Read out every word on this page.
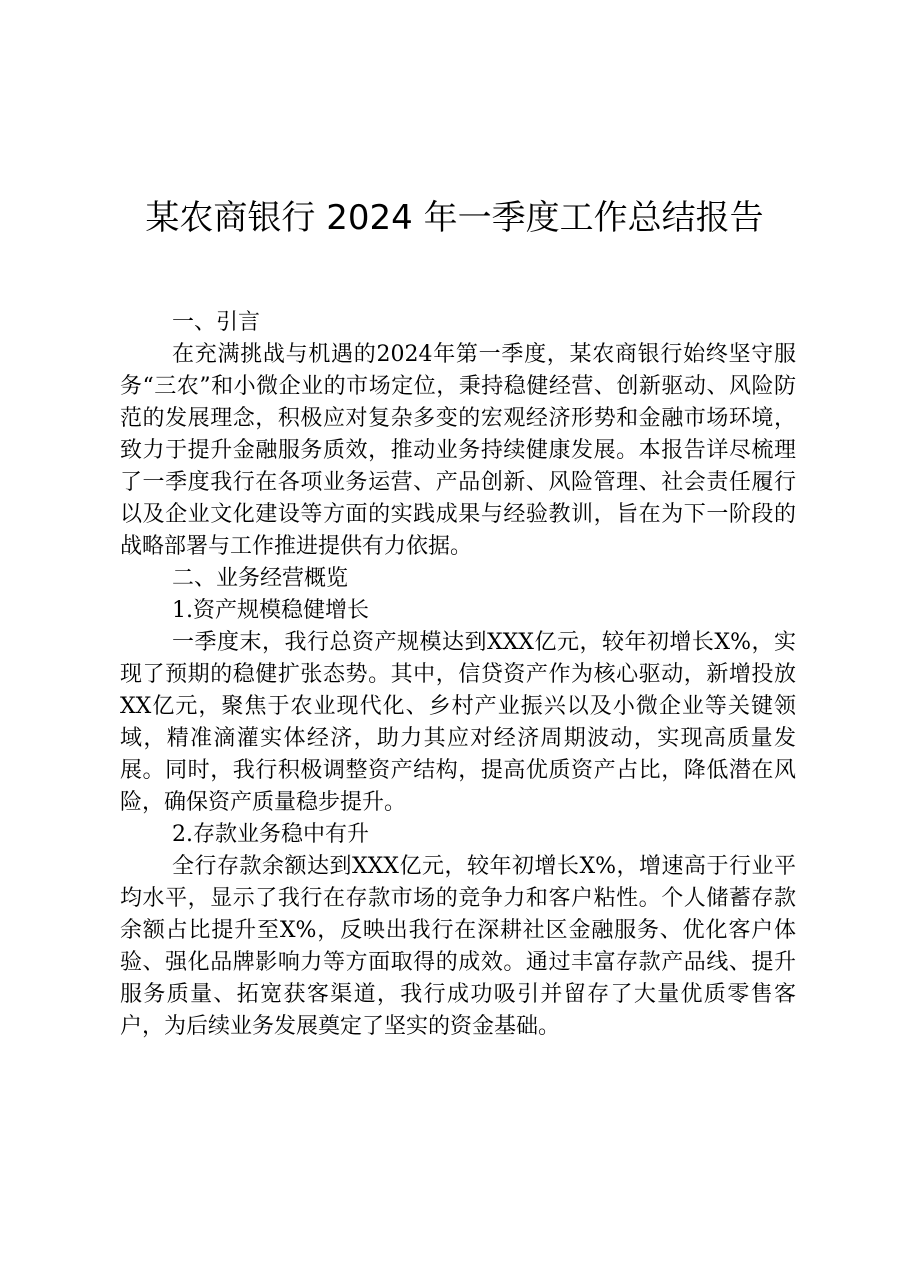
某农商银行 2024 年一季度工作总结报告

一、引言

在充满挑战与机遇的2024年第一季度，某农商银行始终坚守服务“三农”和小微企业的市场定位，秉持稳健经营、创新驱动、风险防范的发展理念，积极应对复杂多变的宏观经济形势和金融市场环境，致力于提升金融服务质效，推动业务持续健康发展。本报告详尽梳理了一季度我行在各项业务运营、产品创新、风险管理、社会责任履行以及企业文化建设等方面的实践成果与经验教训，旨在为下一阶段的战略部署与工作推进提供有力依据。

二、业务经营概览

1.资产规模稳健增长

一季度末，我行总资产规模达到XXX亿元，较年初增长X%，实现了预期的稳健扩张态势。其中，信贷资产作为核心驱动，新增投放XX亿元，聚焦于农业现代化、乡村产业振兴以及小微企业等关键领域，精准滴灌实体经济，助力其应对经济周期波动，实现高质量发展。同时，我行积极调整资产结构，提高优质资产占比，降低潜在风险，确保资产质量稳步提升。

2.存款业务稳中有升

全行存款余额达到XXX亿元，较年初增长X%，增速高于行业平均水平，显示了我行在存款市场的竞争力和客户粘性。个人储蓄存款余额占比提升至X%，反映出我行在深耕社区金融服务、优化客户体验、强化品牌影响力等方面取得的成效。通过丰富存款产品线、提升服务质量、拓宽获客渠道，我行成功吸引并留存了大量优质零售客户，为后续业务发展奠定了坚实的资金基础。
